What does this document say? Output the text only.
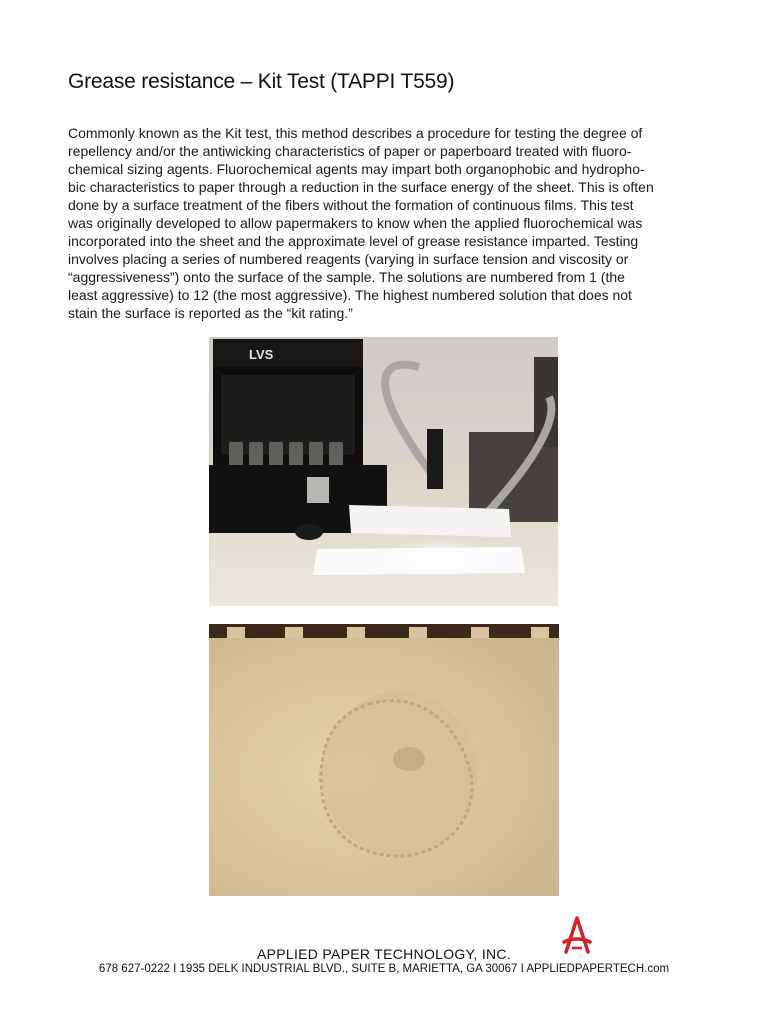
Grease resistance – Kit Test (TAPPI T559)

Commonly known as the Kit test, this method describes a procedure for testing the degree of
repellency and/or the antiwicking characteristics of paper or paperboard treated with fluoro-
chemical sizing agents. Fluorochemical agents may impart both organophobic and hydropho-
bic characteristics to paper through a reduction in the surface energy of the sheet. This is often
done by a surface treatment of the fibers without the formation of continuous films. This test
was originally developed to allow papermakers to know when the applied fluorochemical was
incorporated into the sheet and the approximate level of grease resistance imparted. Testing
involves placing a series of numbered reagents (varying in surface tension and viscosity or
“aggressiveness”) onto the surface of the sample. The solutions are numbered from 1 (the
least aggressive) to 12 (the most aggressive). The highest numbered solution that does not
stain the surface is reported as the “kit rating.”

LVS
APPLIED PAPER TECHNOLOGY, INC.
678 627-0222 I 1935 DELK INDUSTRIAL BLVD., SUITE B, MARIETTA, GA 30067 I APPLIEDPAPERTECH.com
